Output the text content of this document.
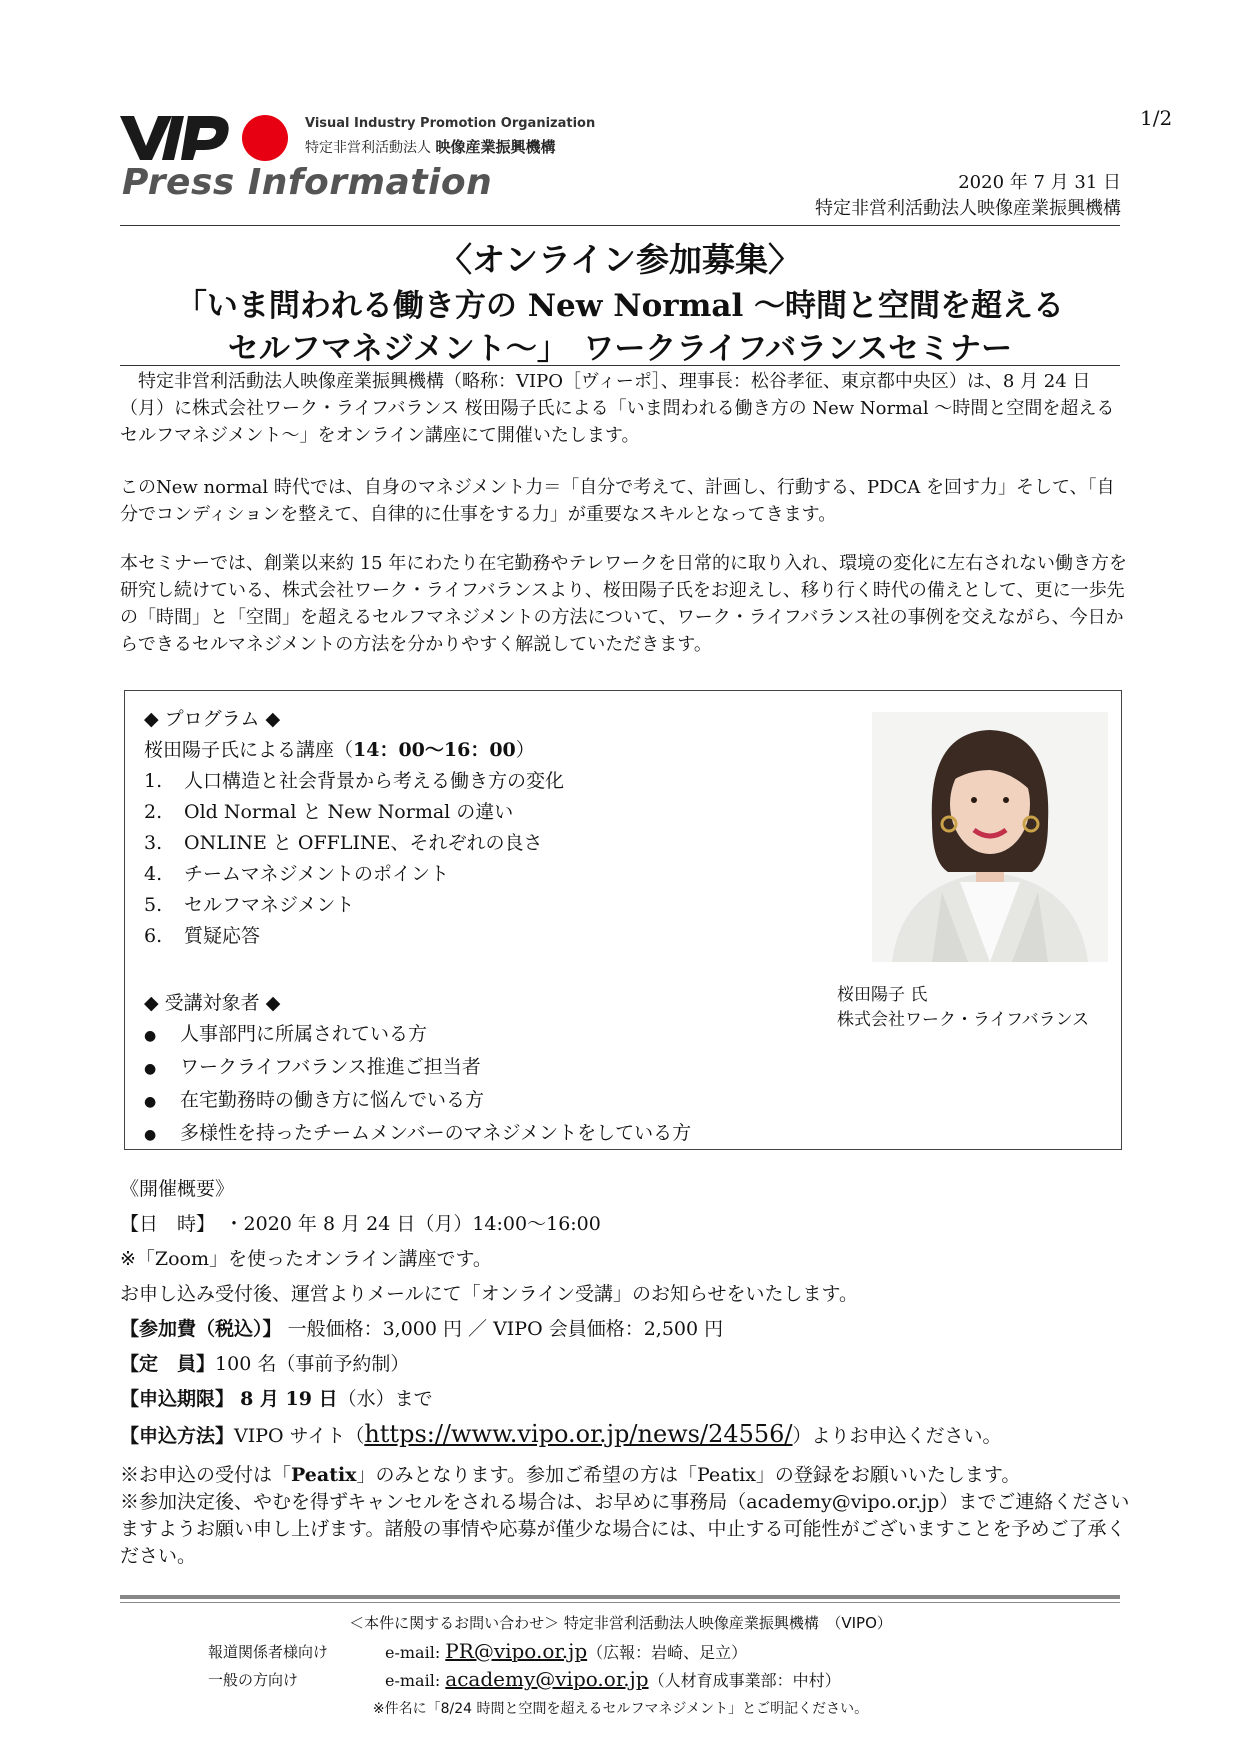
VIPO
Visual Industry Promotion Organization
特定非営利活動法人 映像産業振興機構
Press Information
1/2
2020 年 7 月 31 日
特定非営利活動法人映像産業振興機構
〈オンライン参加募集〉
「いま問われる働き方の New Normal ～時間と空間を超える
セルフマネジメント～」　ワークライフバランスセミナー

　特定非営利活動法人映像産業振興機構（略称：VIPO［ヴィーポ］、理事長：松谷孝征、東京都中央区）は、8 月 24 日（月）に株式会社ワーク・ライフバランス 桜田陽子氏による「いま問われる働き方の New Normal ～時間と空間を超えるセルフマネジメント～」をオンライン講座にて開催いたします。

このNew normal 時代では、自身のマネジメント力＝「自分で考えて、計画し、行動する、PDCA を回す力」そして、「自分でコンディションを整えて、自律的に仕事をする力」が重要なスキルとなってきます。

本セミナーでは、創業以来約 15 年にわたり在宅勤務やテレワークを日常的に取り入れ、環境の変化に左右されない働き方を研究し続けている、株式会社ワーク・ライフバランスより、桜田陽子氏をお迎えし、移り行く時代の備えとして、更に一歩先の「時間」と「空間」を超えるセルフマネジメントの方法について、ワーク・ライフバランス社の事例を交えながら、今日からできるセルマネジメントの方法を分かりやすく解説していただきます。

◆ プログラム ◆
桜田陽子氏による講座（14：00～16：00）
1. 人口構造と社会背景から考える働き方の変化
2. Old Normal と New Normal の違い
3. ONLINE と OFFLINE、それぞれの良さ
4. チームマネジメントのポイント
5. セルフマネジメント
6. 質疑応答
◆ 受講対象者 ◆
● 人事部門に所属されている方
● ワークライフバランス推進ご担当者
● 在宅勤務時の働き方に悩んでいる方
● 多様性を持ったチームメンバーのマネジメントをしている方
桜田陽子 氏
株式会社ワーク・ライフバランス
《開催概要》
【日　時】　 ・2020 年 8 月 24 日（月）14:00～16:00
※「Zoom」を使ったオンライン講座です。
お申し込み受付後、運営よりメールにて「オンライン受講」のお知らせをいたします。
【参加費（税込）】 一般価格：3,000 円 ／ VIPO 会員価格：2,500 円
【定　員】100 名（事前予約制）
【申込期限】 8 月 19 日（水）まで
【申込方法】VIPO サイト（https://www.vipo.or.jp/news/24556/）よりお申込ください。

※お申込の受付は「Peatix」のみとなります。参加ご希望の方は「Peatix」の登録をお願いいたします。

※参加決定後、やむを得ずキャンセルをされる場合は、お早めに事務局（academy@vipo.or.jp）までご連絡くださいますようお願い申し上げます。諸般の事情や応募が僅少な場合には、中止する可能性がございますことを予めご了承ください。

＜本件に関するお問い合わせ＞ 特定非営利活動法人映像産業振興機構　（VIPO）
報道関係者様向け	e-mail: PR@vipo.or.jp（広報：岩崎、足立）
一般の方向け	e-mail: academy@vipo.or.jp（人材育成事業部：中村）
※件名に「8/24 時間と空間を超えるセルフマネジメント」とご明記ください。
